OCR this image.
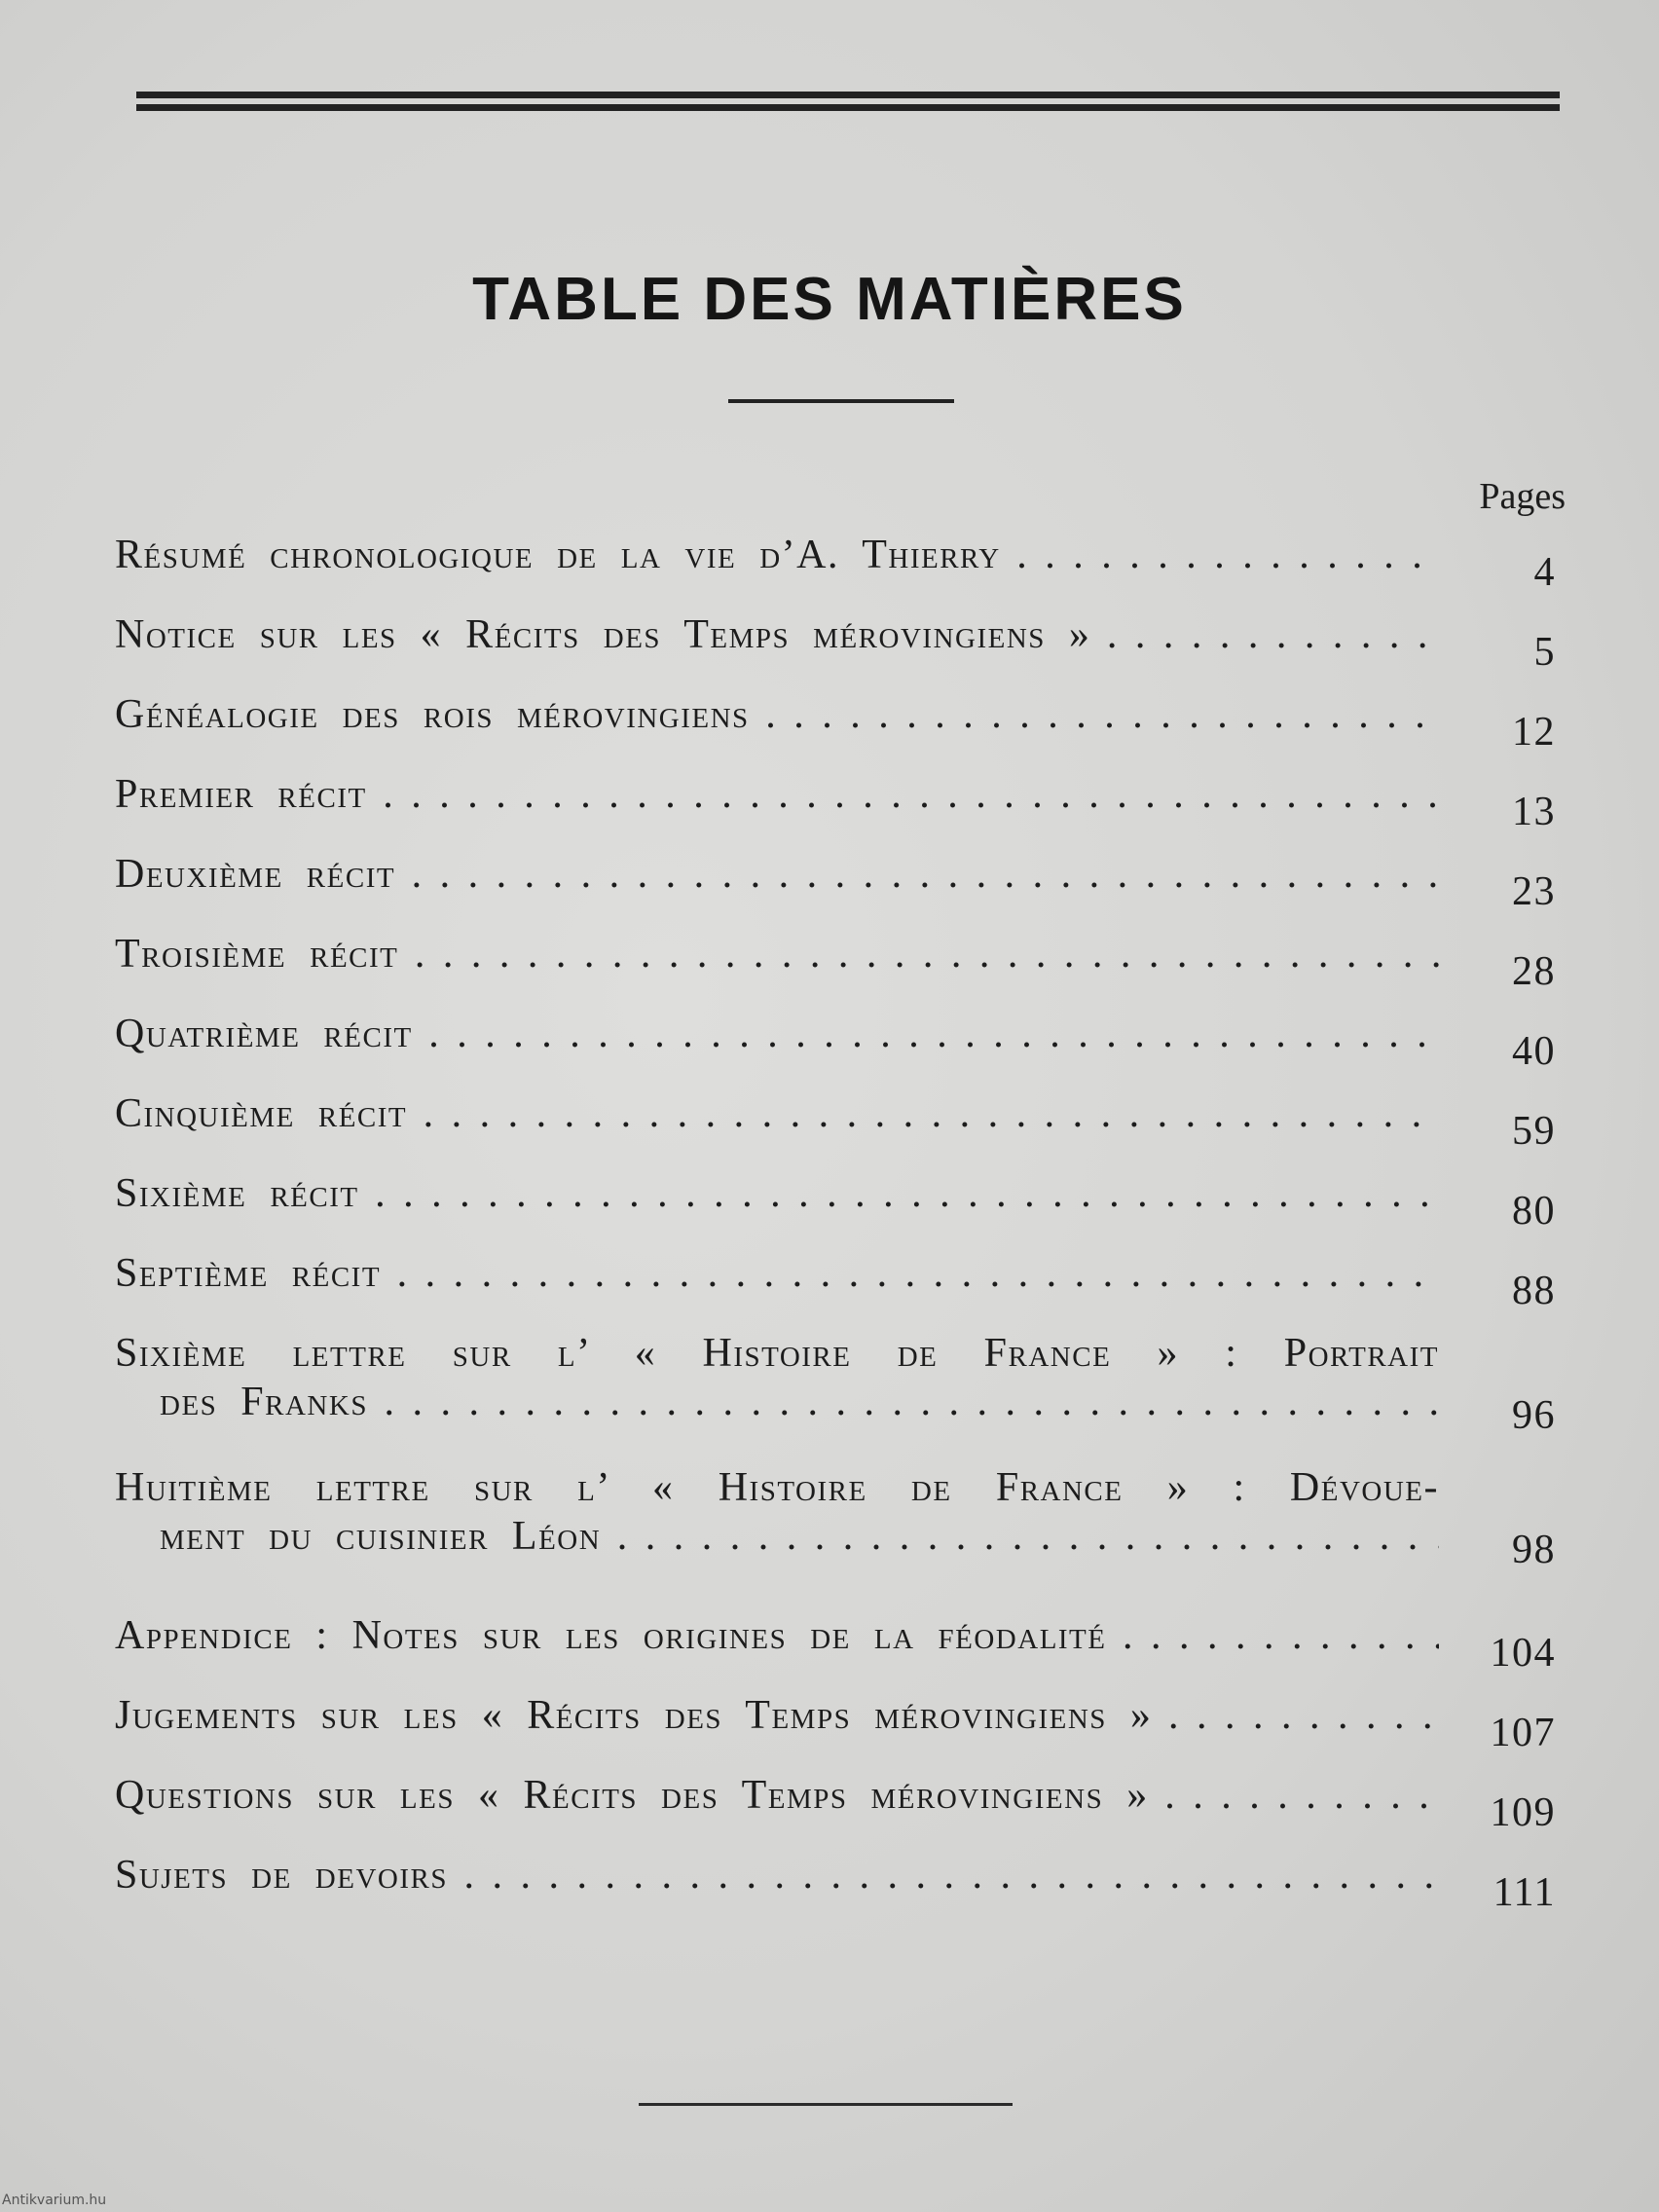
TABLE DES MATIÈRES
Pages
Résumé chronologique de la vie d’A. Thierry . . .	4
Notice sur les « Récits des Temps mérovingiens » . . .	5
Généalogie des rois mérovingiens . . .	12
Premier récit . . .	13
Deuxième récit . . .	23
Troisième récit . . .	28
Quatrième récit . . .	40
Cinquième récit . . .	59
Sixième récit . . .	80
Septième récit . . .	88
Sixième lettre sur l’ « Histoire de France » : Portrait
des Franks . . .	96
Huitième lettre sur l’ « Histoire de France » : Dévoue-
ment du cuisinier Léon . . .	98
Appendice : Notes sur les origines de la féodalité . . .	104
Jugements sur les « Récits des Temps mérovingiens » . . .	107
Questions sur les « Récits des Temps mérovingiens » . . .	109
Sujets de devoirs . . .	111
Antikvarium.hu
